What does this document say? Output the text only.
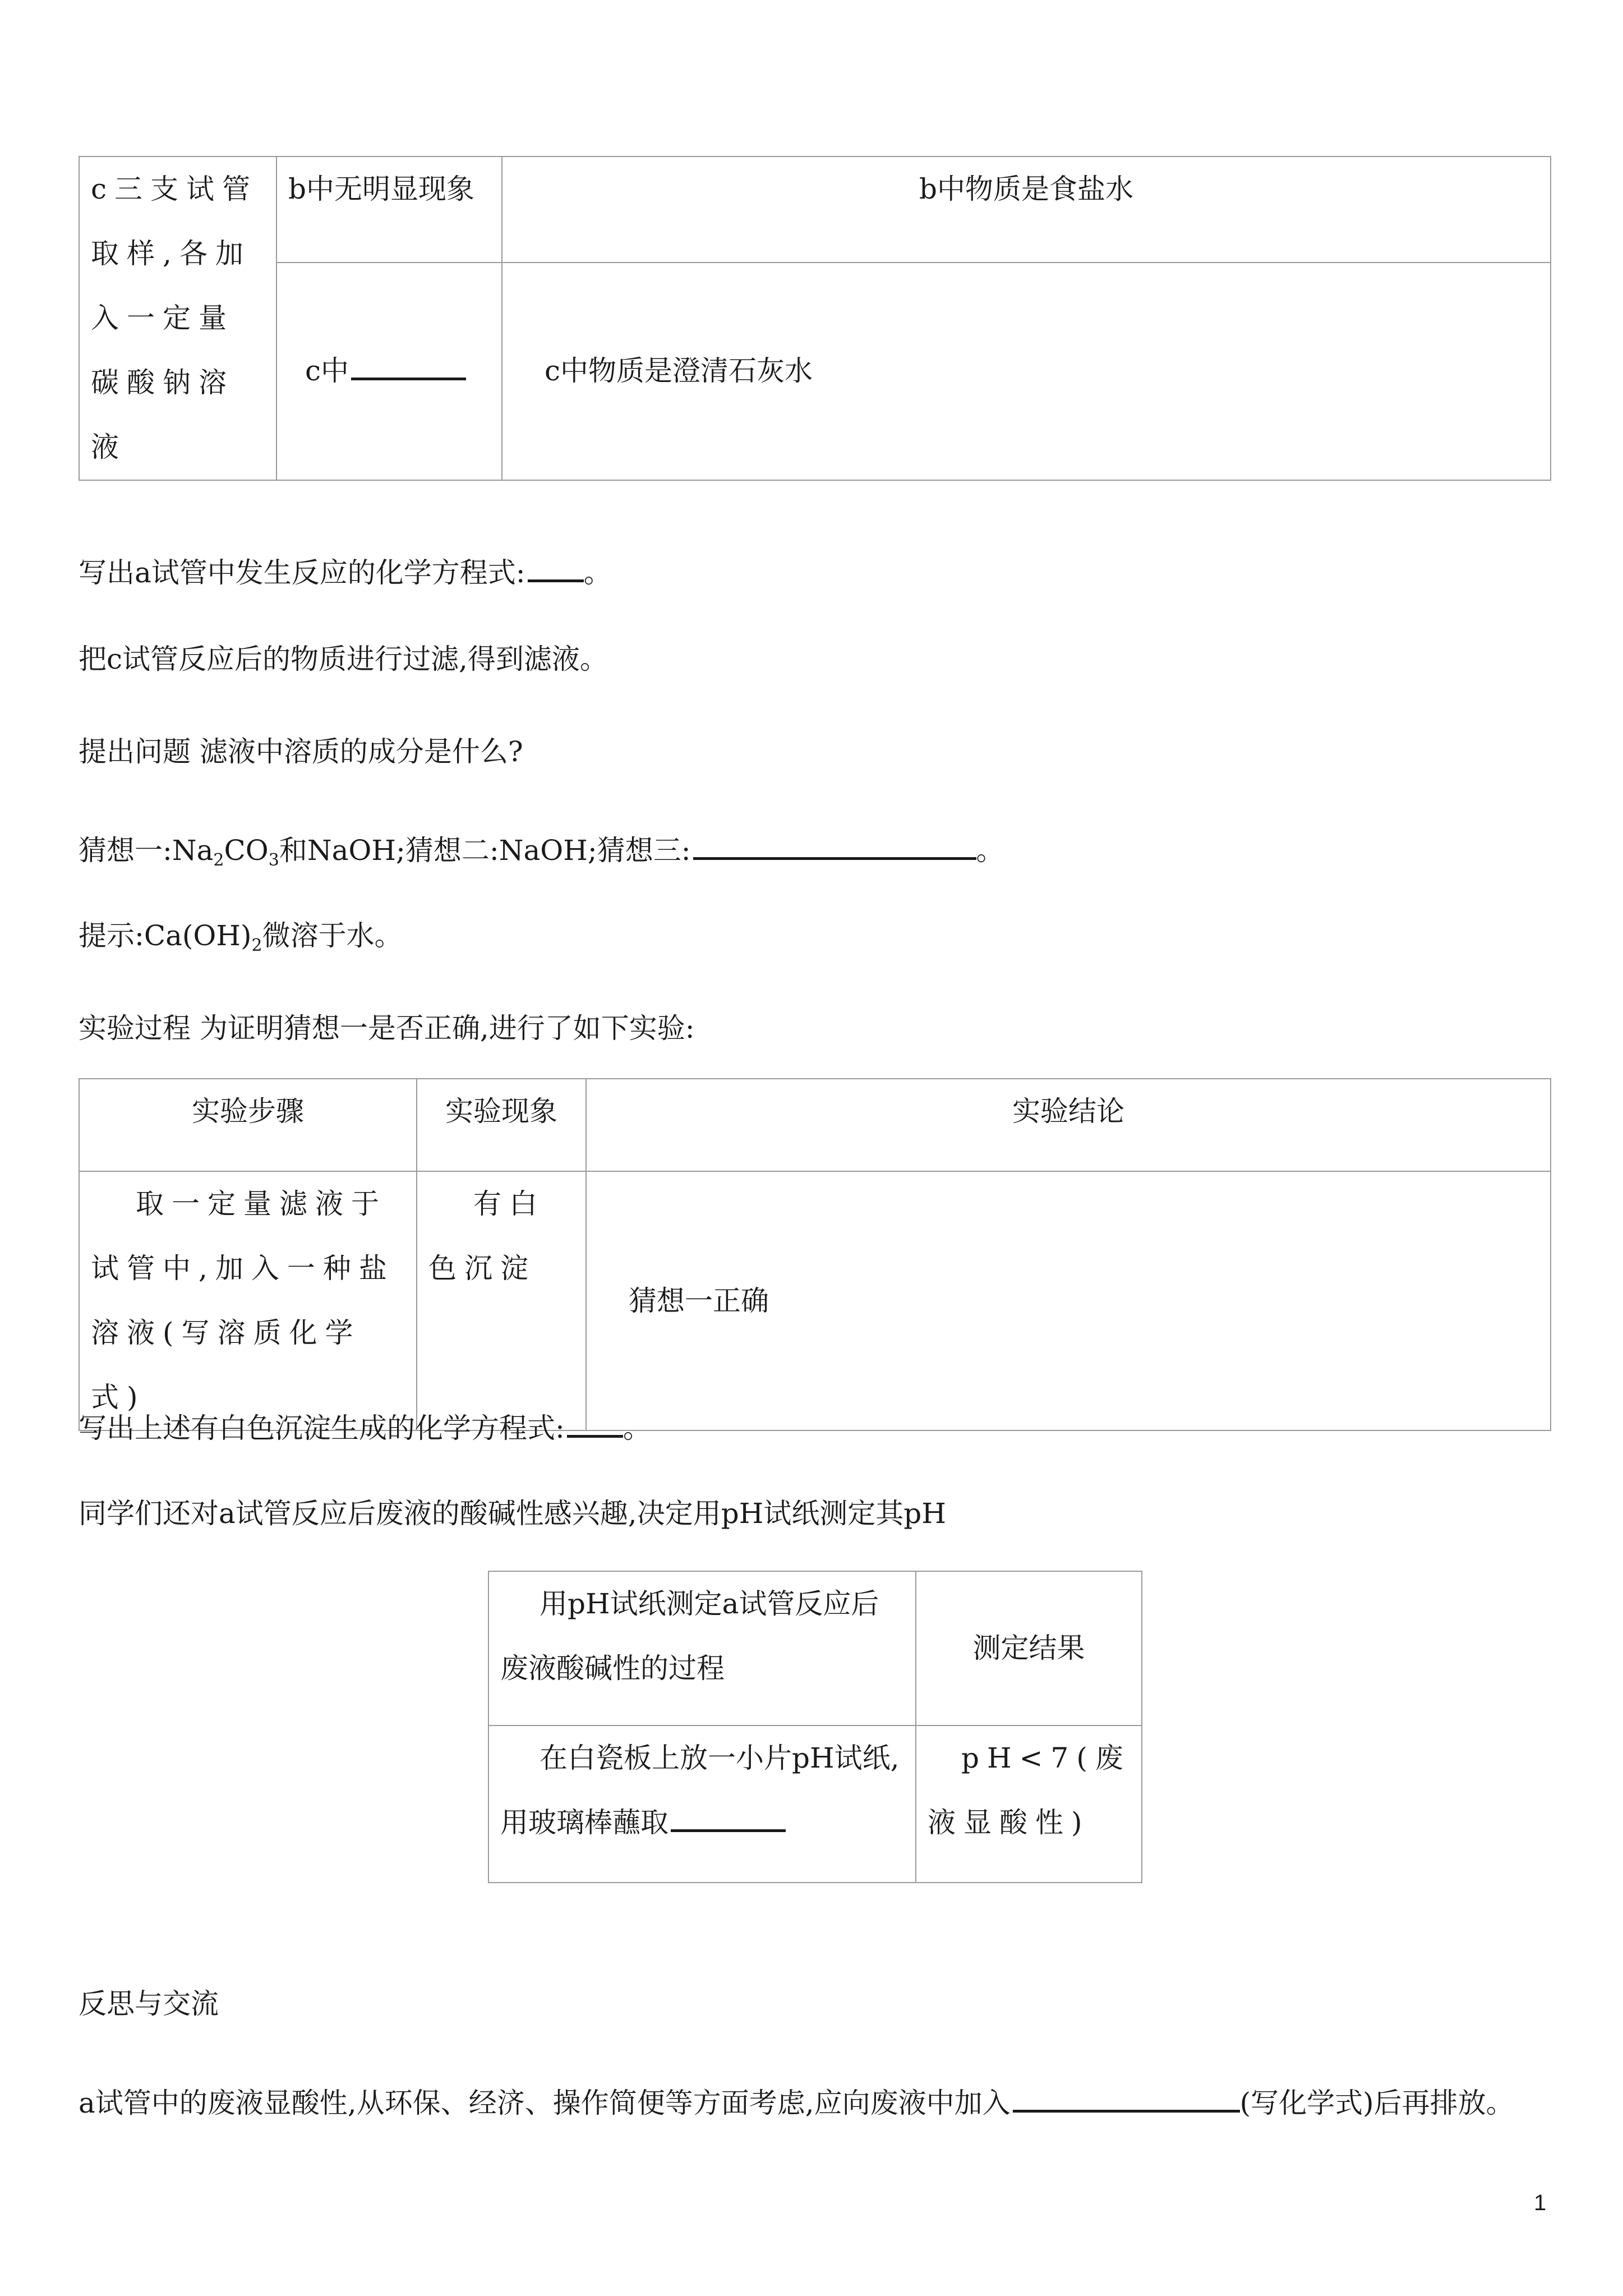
c三支试管取样,各加入一定量碳酸钠溶液	b中无明显现象	b中物质是食盐水
	c中	c中物质是澄清石灰水
写出a试管中发生反应的化学方程式: 。
把c试管反应后的物质进行过滤,得到滤液。
提出问题 滤液中溶质的成分是什么?
猜想一$:Na_2CO_3$和NaOH;猜想二:NaOH;猜想三:	。
提示$:Ca(OH)_2$微溶于水。
实验过程 为证明猜想一是否正确,进行了如下实验:
实验步骤	实验现象	实验结论
取一定量滤液于试管中,加入一种盐溶液(写溶质化学式)	有白色沉淀	猜想一正确
写出上述有白色沉淀生成的化学方程式: 。
同学们还对a试管反应后废液的酸碱性感兴趣,决定用pH试纸测定其pH
用pH试纸测定a试管反应后废液酸碱性的过程	测定结果
在白瓷板上放一小片pH试纸,用玻璃棒蘸取	pH<7(废液显酸性)
反思与交流
a试管中的废液显酸性,从环保、经济、操作简便等方面考虑,应向废液中加入	(写化学式)后再排放。
1
